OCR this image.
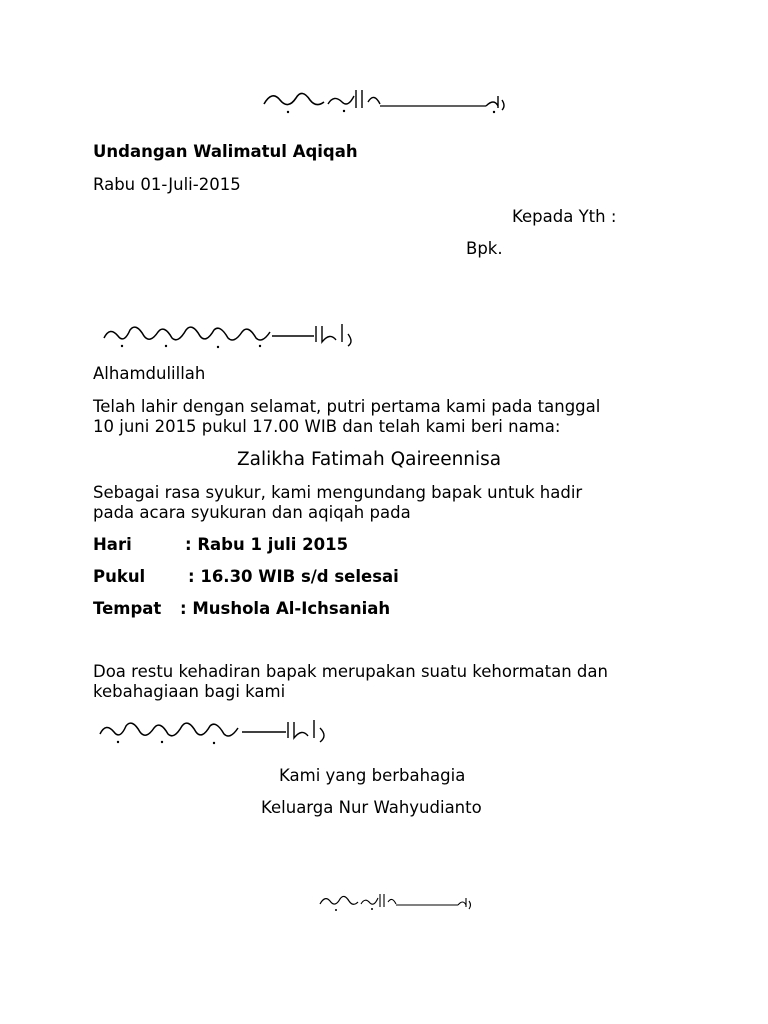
بِسْمِ اللهِ الرَّحْمٰنِ الرَّحِيْمِ

Undangan Walimatul Aqiqah

Rabu 01-Juli-2015

Kepada Yth :

Bpk.

السَّلَامُ عَلَيْكُمْ وَرَحْمَةُ اللهِ وَبَرَكَاتُهُ

Alhamdulillah

Telah lahir dengan selamat, putri pertama kami pada tanggal

10 juni 2015 pukul 17.00 WIB dan telah kami beri nama:

Zalikha Fatimah Qaireennisa

Sebagai rasa syukur, kami mengundang bapak untuk hadir

pada acara syukuran dan aqiqah pada

Hari	: Rabu 1 juli 2015

Pukul	: 16.30 WIB s/d selesai

Tempat : Mushola Al-Ichsaniah

Doa restu kehadiran bapak merupakan suatu kehormatan dan

kebahagiaan bagi kami

وَالسَّلَامُ عَلَيْكُمْ وَرَحْمَةُ اللهِ وَبَرَكَاتُهُ

Kami yang berbahagia

Keluarga Nur Wahyudianto

بِسْمِ اللهِ الرَّحْمٰنِ الرَّحِيْمِ
